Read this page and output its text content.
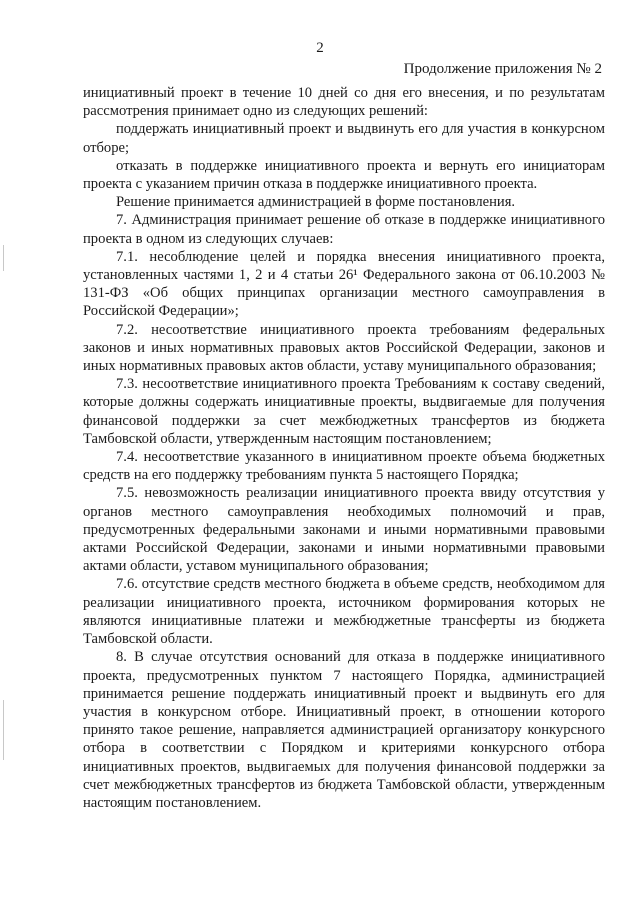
2
Продолжение приложения № 2

инициативный проект в течение 10 дней со дня его внесения, и по результатам рассмотрения принимает одно из следующих решений:

поддержать инициативный проект и выдвинуть его для участия в конкурсном отборе;

отказать в поддержке инициативного проекта и вернуть его инициаторам проекта с указанием причин отказа в поддержке инициативного проекта.

Решение принимается администрацией в форме постановления.

7. Администрация принимает решение об отказе в поддержке инициативного проекта в одном из следующих случаев:

7.1. несоблюдение целей и порядка внесения инициативного проекта, установленных частями 1, 2 и 4 статьи 26¹ Федерального закона от 06.10.2003 № 131-ФЗ «Об общих принципах организации местного самоуправления в Российской Федерации»;

7.2. несоответствие инициативного проекта требованиям федеральных законов и иных нормативных правовых актов Российской Федерации, законов и иных нормативных правовых актов области, уставу муниципального образования;

7.3. несоответствие инициативного проекта Требованиям к составу сведений, которые должны содержать инициативные проекты, выдвигаемые для получения финансовой поддержки за счет межбюджетных трансфертов из бюджета Тамбовской области, утвержденным настоящим постановлением;

7.4. несоответствие указанного в инициативном проекте объема бюджетных средств на его поддержку требованиям пункта 5 настоящего Порядка;

7.5. невозможность реализации инициативного проекта ввиду отсутствия у органов местного самоуправления необходимых полномочий и прав, предусмотренных федеральными законами и иными нормативными правовыми актами Российской Федерации, законами и иными нормативными правовыми актами области, уставом муниципального образования;

7.6. отсутствие средств местного бюджета в объеме средств, необходимом для реализации инициативного проекта, источником формирования которых не являются инициативные платежи и межбюджетные трансферты из бюджета Тамбовской области.

8. В случае отсутствия оснований для отказа в поддержке инициативного проекта, предусмотренных пунктом 7 настоящего Порядка, администрацией принимается решение поддержать инициативный проект и выдвинуть его для участия в конкурсном отборе. Инициативный проект, в отношении которого принято такое решение, направляется администрацией организатору конкурсного отбора в соответствии с Порядком и критериями конкурсного отбора инициативных проектов, выдвигаемых для получения финансовой поддержки за счет межбюджетных трансфертов из бюджета Тамбовской области, утвержденным настоящим постановлением.
